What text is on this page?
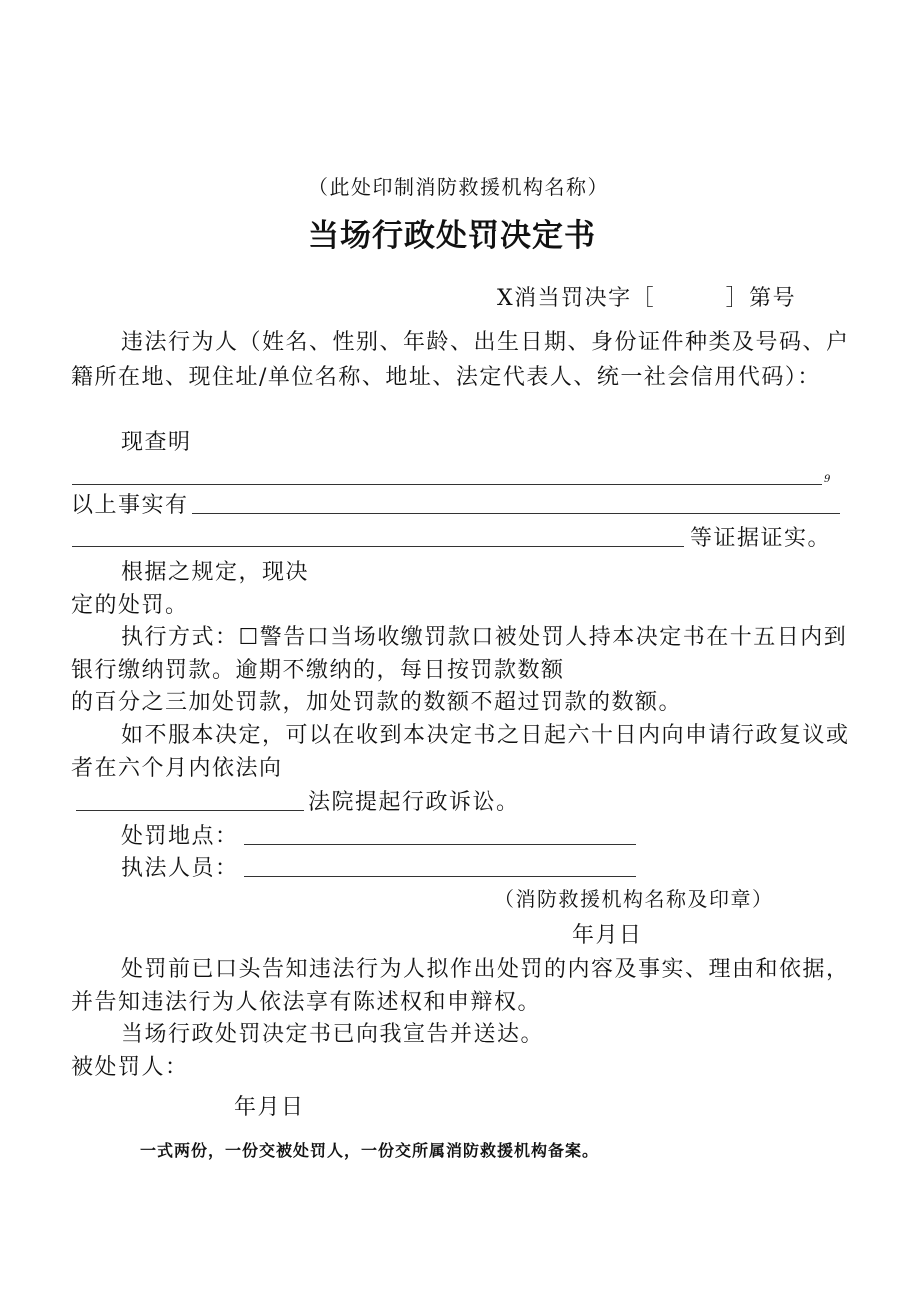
（此处印制消防救援机构名称）
当场行政处罚决定书
X消当罚决字［　　　］第号
违法行为人（姓名、性别、年龄、出生日期、身份证件种类及号码、户
籍所在地、现住址/单位名称、地址、法定代表人、统一社会信用代码）：
现查明
9
以上事实有
等证据证实。
根据之规定，现决
定的处罚。
执行方式：☐警告口当场收缴罚款口被处罚人持本决定书在十五日内到
银行缴纳罚款。逾期不缴纳的，每日按罚款数额
的百分之三加处罚款，加处罚款的数额不超过罚款的数额。
如不服本决定，可以在收到本决定书之日起六十日内向申请行政复议或
者在六个月内依法向
法院提起行政诉讼。
处罚地点：
执法人员：
（消防救援机构名称及印章）
年月日
处罚前已口头告知违法行为人拟作出处罚的内容及事实、理由和依据，
并告知违法行为人依法享有陈述权和申辩权。
当场行政处罚决定书已向我宣告并送达。
被处罚人：
年月日
一式两份，一份交被处罚人，一份交所属消防救援机构备案。
